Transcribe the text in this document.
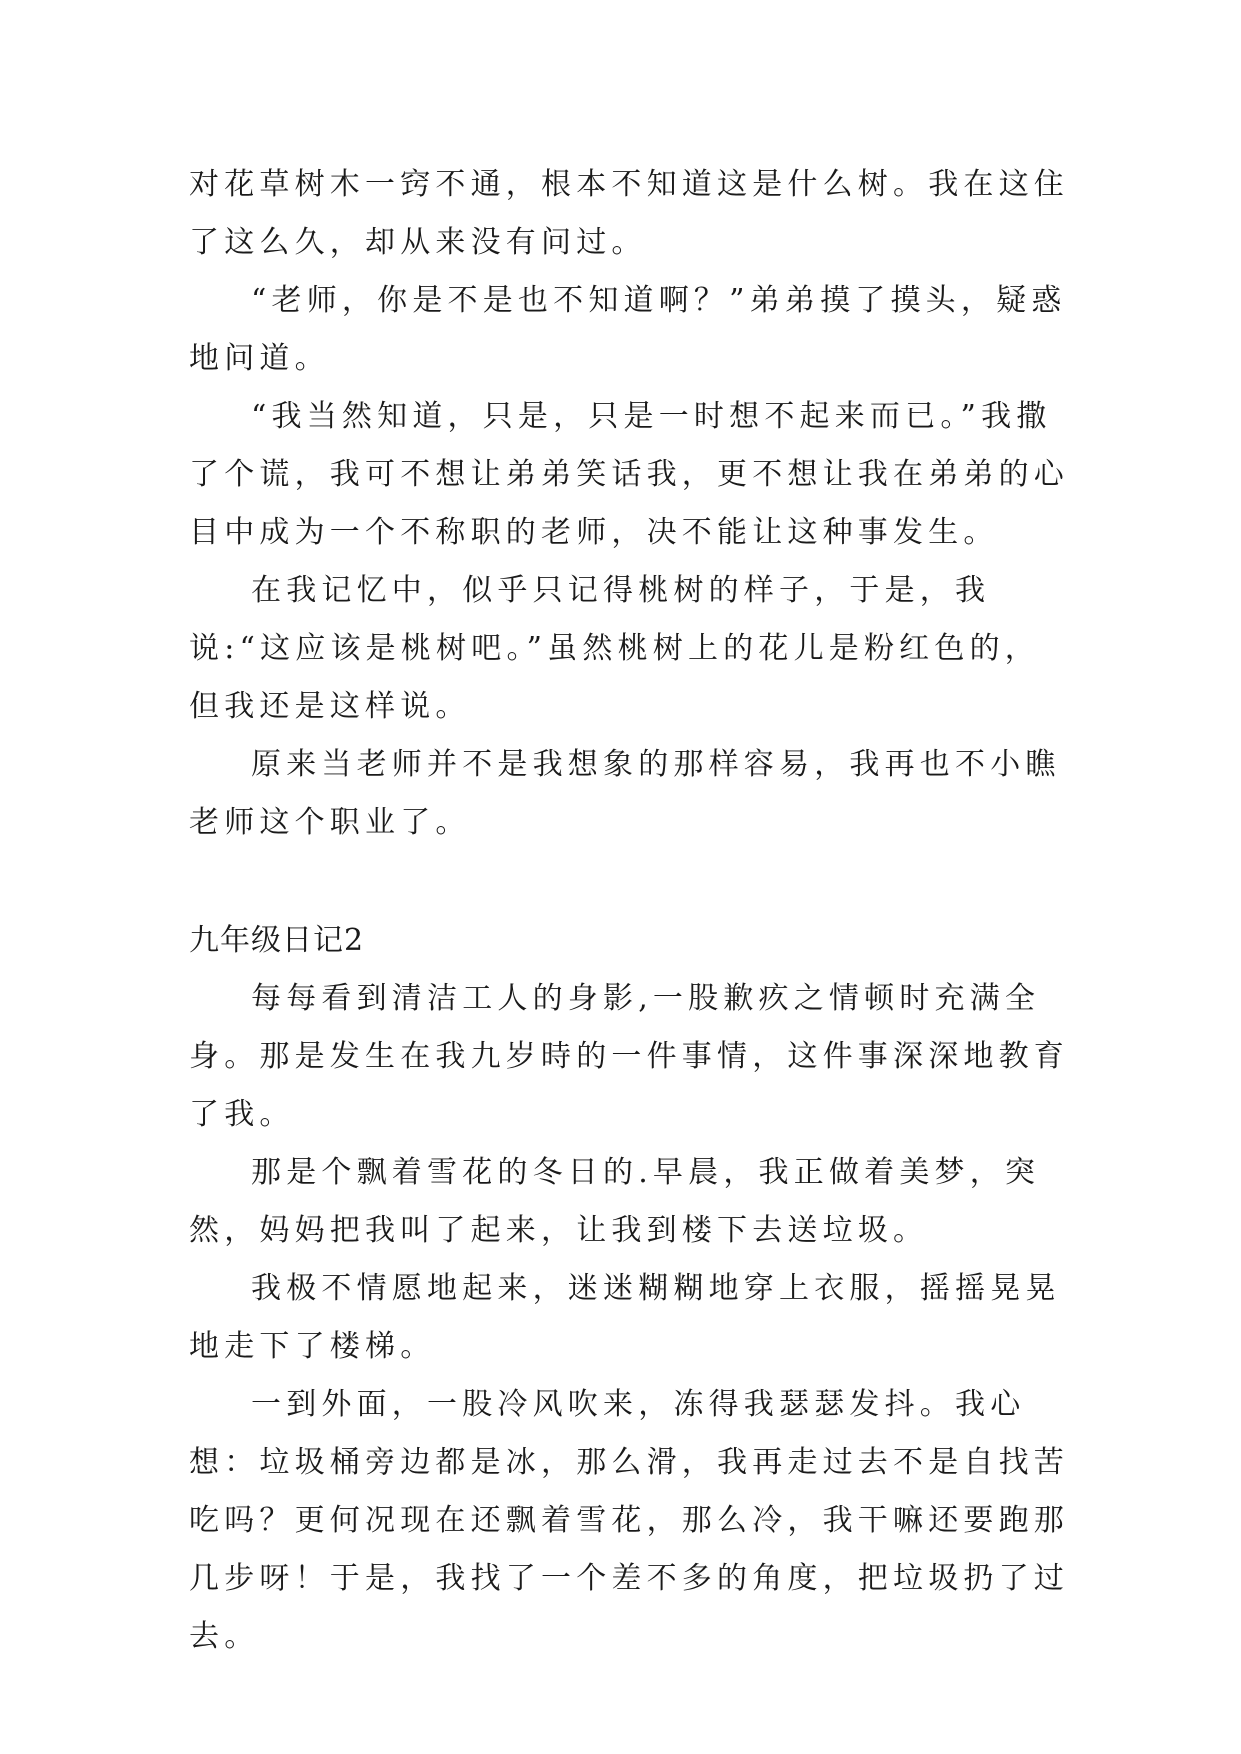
对花草树木一窍不通，根本不知道这是什么树。我在这住了这么久，却从来没有问过。

“老师，你是不是也不知道啊？”弟弟摸了摸头，疑惑地问道。

“我当然知道，只是，只是一时想不起来而已。”我撒了个谎，我可不想让弟弟笑话我，更不想让我在弟弟的心目中成为一个不称职的老师，决不能让这种事发生。

在我记忆中，似乎只记得桃树的样子，于是，我说:“这应该是桃树吧。”虽然桃树上的花儿是粉红色的，但我还是这样说。

原来当老师并不是我想象的那样容易，我再也不小瞧老师这个职业了。

九年级日记2

每每看到清洁工人的身影,一股歉疚之情顿时充满全身。那是发生在我九岁時的一件事情，这件事深深地教育了我。

那是个飘着雪花的冬日的.早晨，我正做着美梦，突然，妈妈把我叫了起来，让我到楼下去送垃圾。

我极不情愿地起来，迷迷糊糊地穿上衣服，摇摇晃晃地走下了楼梯。

一到外面，一股冷风吹来，冻得我瑟瑟发抖。我心想：垃圾桶旁边都是冰，那么滑，我再走过去不是自找苦吃吗？更何况现在还飘着雪花，那么冷，我干嘛还要跑那几步呀！于是，我找了一个差不多的角度，把垃圾扔了过去。
